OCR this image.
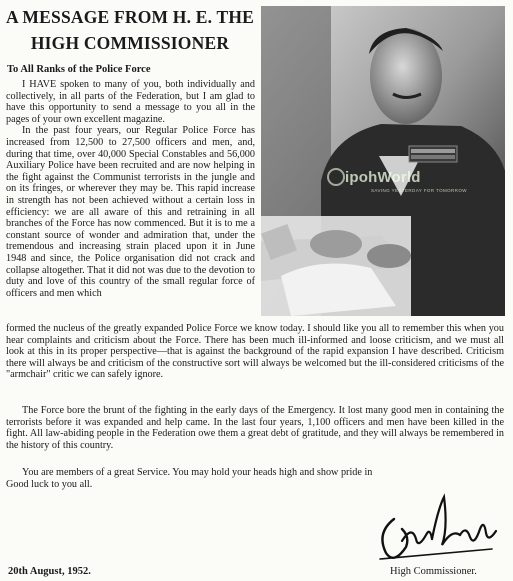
A MESSAGE FROM H. E. THE
HIGH COMMISSIONER
To All Ranks of the Police Force
I HAVE spoken to many of you, both individually and collectively, in all parts of the Federation, but I am glad to have this opportunity to send a message to you all in the pages of your own excellent magazine.
In the past four years, our Regular Police Force has increased from 12,500 to 27,500 officers and men, and, during that time, over 40,000 Special Constables and 56,000 Auxiliary Police have been recruited and are now helping in the fight against the Communist terrorists in the jungle and on its fringes, or wherever they may be. This rapid increase in strength has not been achieved without a certain loss in efficiency: we are all aware of this and retraining in all branches of the Force has now commenced. But it is to me a constant source of wonder and admiration that, under the tremendous and increasing strain placed upon it in June 1948 and since, the Police organisation did not crack and collapse altogether. That it did not was due to the devotion to duty and love of this country of the small regular force of officers and men which
ipohWorld
SAVING YESTERDAY FOR TOMORROW
formed the nucleus of the greatly expanded Police Force we know today. I should like you all to remember this when you hear complaints and criticism about the Force. There has been much ill-informed and loose criticism, and we must all look at this in its proper perspective—that is against the background of the rapid expansion I have described. Criticism there will always be and criticism of the constructive sort will always be welcomed but the ill-considered criticisms of the "armchair" critic we can safely ignore.
The Force bore the brunt of the fighting in the early days of the Emergency. It lost many good men in containing the terrorists before it was expanded and help came. In the last four years, 1,100 officers and men have been killed in the fight. All law-abiding people in the Federation owe them a great debt of gratitude, and they will always be remembered in the history of this country.
You are members of a great Service. You may hold your heads high and show pride in
Good luck to you all.
20th August, 1952.	High Commissioner.
